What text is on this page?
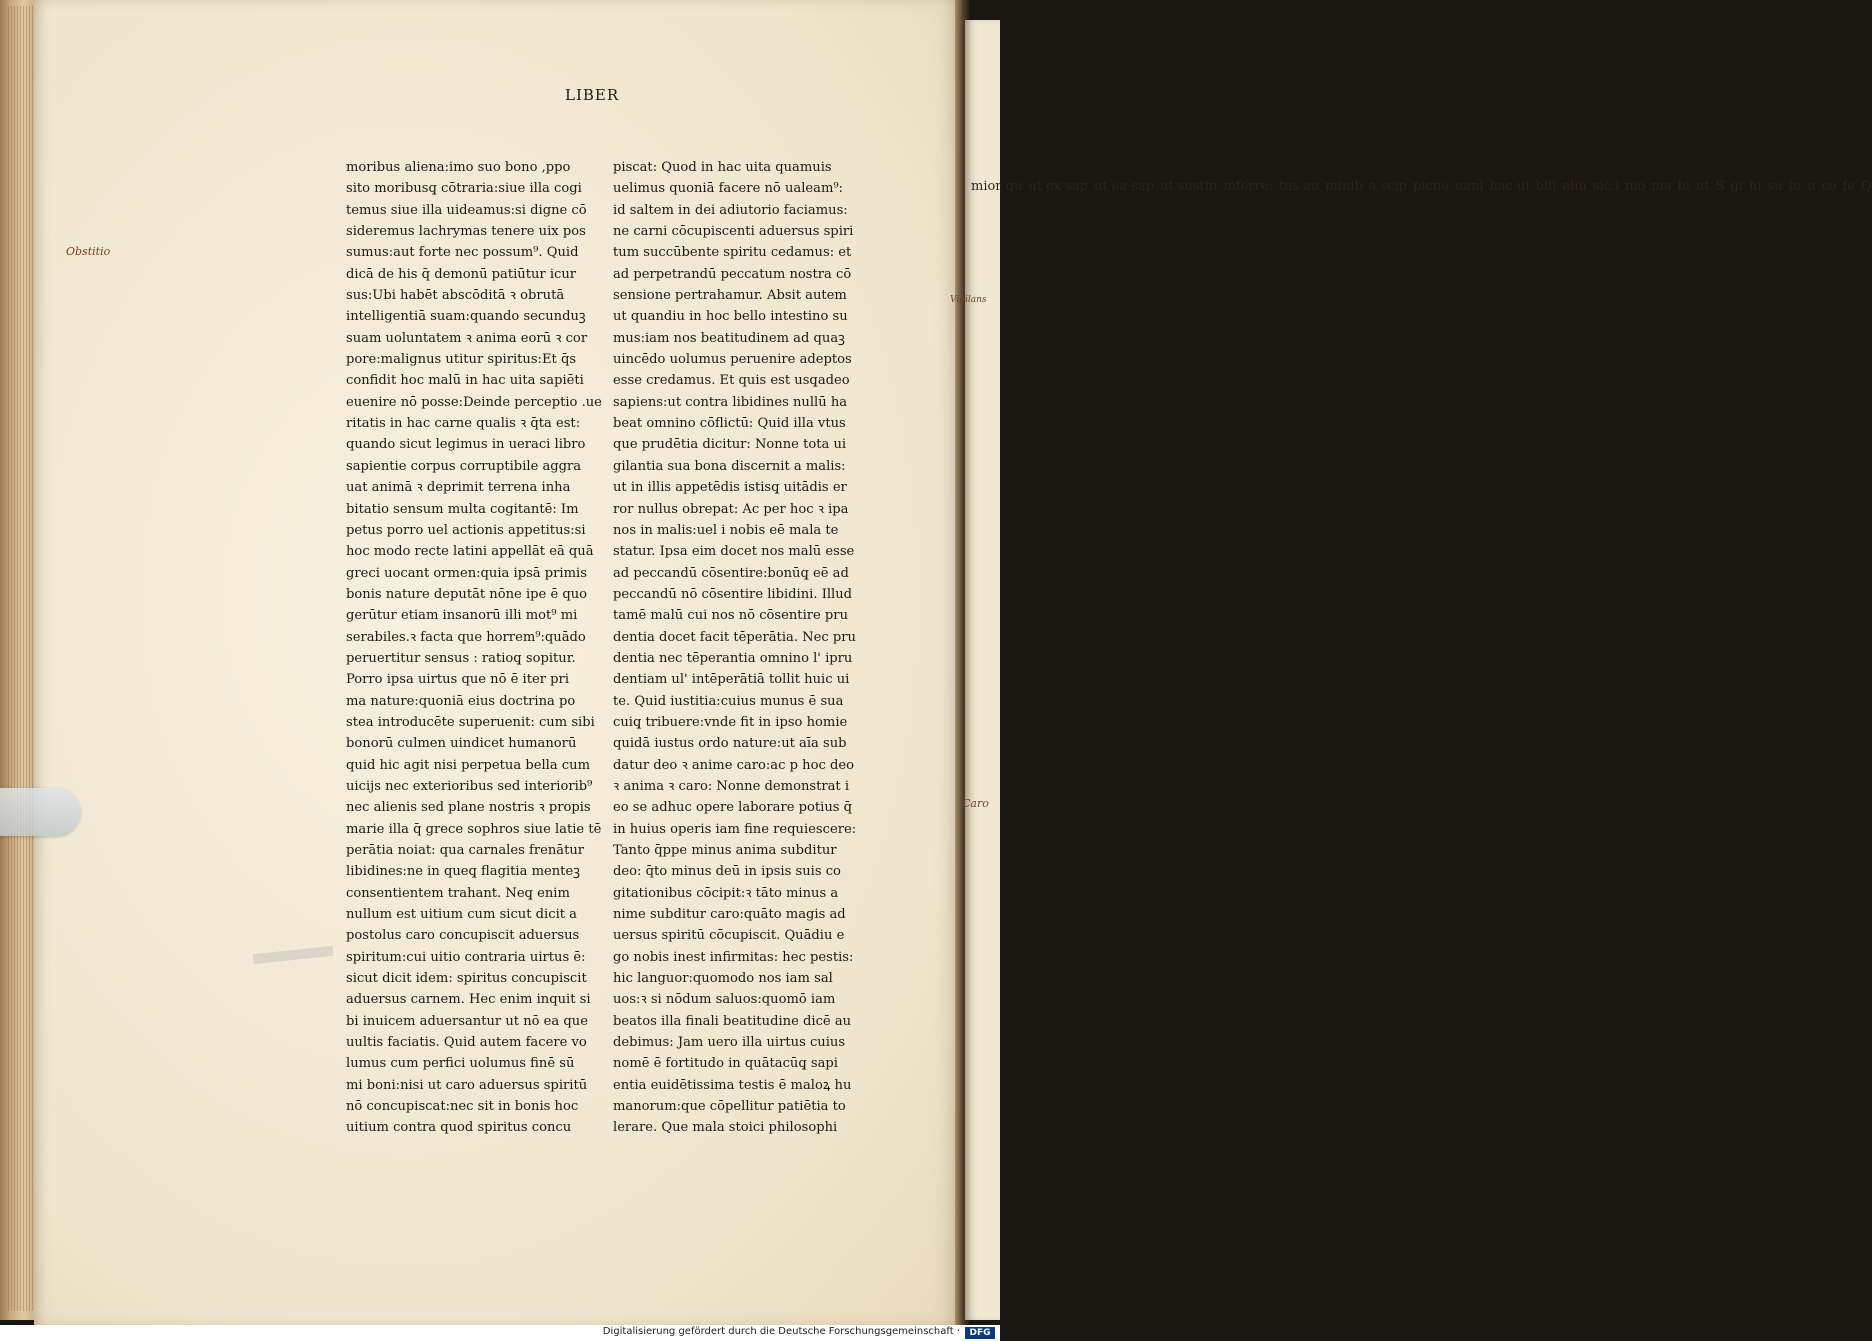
mior qu ut ex sap ut ea sap ut sustin inferre: tus au minib a scip picne uani hac ui bili aliu sic i mo ma bi ut S gi hi su lu u co fe Q
LIBER
moribus aliena:imo suo bono ,ppo
sito moribusq̧ cōtraria:siue illa cogi
temus siue illa uideamus:si digne cō
sideremus lachrymas tenere uix pos
sumus:aut forte nec possum⁹. Quid
dicā de his q̄ demonū patiūtur icur
sus:Ubi habēt abscōditā ꝛ obrutā
intelligentiā suam:quando secunduꝫ
suam uoluntatem ꝛ anima eorū ꝛ cor
pore:malignus utitur spiritus:Et q̄s
confidit hoc malū in hac uita sapiēti
euenire nō posse:Deinde perceptio .ue
ritatis in hac carne qualis ꝛ q̄ta est:
quando sicut legimus in ueraci libro
sapientie corpus corruptibile aggra
uat animā ꝛ deprimit terrena inha
bitatio sensum multa cogitantē: Im
petus porro uel actionis appetitus:si
hoc modo recte latini appellāt eā quā
greci uocant ormen:quia ipsā primis
bonis nature deputāt nōne ipe ē quo
gerūtur etiam insanorū illi mot⁹ mi
serabiles.ꝛ facta que horrem⁹:quādo
peruertitur sensus : ratioq̧ sopitur.
Porro ipsa uirtus que nō ē iter pri
ma nature:quoniā eius doctrina po
stea introducēte superuenit: cum sibi
bonorū culmen uindicet humanorū
quid hic agit nisi perpetua bella cum
uicijs nec exterioribus sed interiorib⁹
nec alienis sed plane nostris ꝛ propis
marie illa q̄ grece sophros siue latie tē
perātia noiat: qua carnales frenātur
libidines:ne in queq̧ flagitia menteꝫ
consentientem trahant. Neq̧ enim
nullum est uitium cum sicut dicit a
postolus caro concupiscit aduersus
spiritum:cui uitio contraria uirtus ē:
sicut dicit idem: spiritus concupiscit
aduersus carnem. Hec enim inquit si
bi inuicem aduersantur ut nō ea que
uultis faciatis. Quid autem facere vo
lumus cum perfici uolumus finē sū
mi boni:nisi ut caro aduersus spiritū
nō concupiscat:nec sit in bonis hoc
uitium contra quod spiritus concu
piscat: Quod in hac uita quamuis
uelimus quoniā facere nō ualeam⁹:
id saltem in dei adiutorio faciamus:
ne carni cōcupiscenti aduersus spiri
tum succūbente spiritu cedamus: et
ad perpetrandū peccatum nostra cō
sensione pertrahamur. Absit autem
ut quandiu in hoc bello intestino su
mus:iam nos beatitudinem ad quaꝫ
uincēdo uolumus peruenire adeptos
esse credamus. Et quis est usq̧adeo
sapiens:ut contra libidines nullū ha
beat omnino cōflictū: Quid illa vtus
que prudētia dicitur: Nonne tota ui
gilantia sua bona discernit a malis:
ut in illis appetēdis istisq̧ uitādis er
ror nullus obrepat: Ac per hoc ꝛ ipa
nos in malis:uel i nobis eē mala te
statur. Ipsa eim docet nos malū esse
ad peccandū cōsentire:bonūq̧ eē ad
peccandū nō cōsentire libidini. Illud
tamē malū cui nos nō cōsentire pru
dentia docet facit tēperātia. Nec pru
dentia nec tēperantia omnino l' ipru
dentiam ul' intēperātiā tollit huic ui
te. Quid iustitia:cuius munus ē sua
cuiq̧ tribuere:vnde fit in ipso homie
quidā iustus ordo nature:ut aīa sub
datur deo ꝛ anime caro:ac p hoc deo
ꝛ anima ꝛ caro: Nonne demonstrat i
eo se adhuc opere laborare potius q̄
in huius operis iam fine requiescere:
Tanto q̄ppe minus anima subditur
deo: q̄to minus deū in ipsis suis co
gitationibus cōcipit:ꝛ tāto minus a
nime subditur caro:quāto magis ad
uersus spiritū cōcupiscit. Quādiu e
go nobis inest infirmitas: hec pestis:
hic languor:quomodo nos iam sal
uos:ꝛ si nōdum saluos:quomō iam
beatos illa finali beatitudine dicē au
debimus: Jam uero illa uirtus cuius
nomē ē fortitudo in quātacūq̧ sapi
entia euidētissima testis ē maloꝝ hu
manorum:que cōpellitur patiētia to
lerare. Que mala stoici philosophi
Obstitio
Vigilans
Caro
Digitalisierung gefördert durch die Deutsche Forschungsgemeinschaft ·	DFG
